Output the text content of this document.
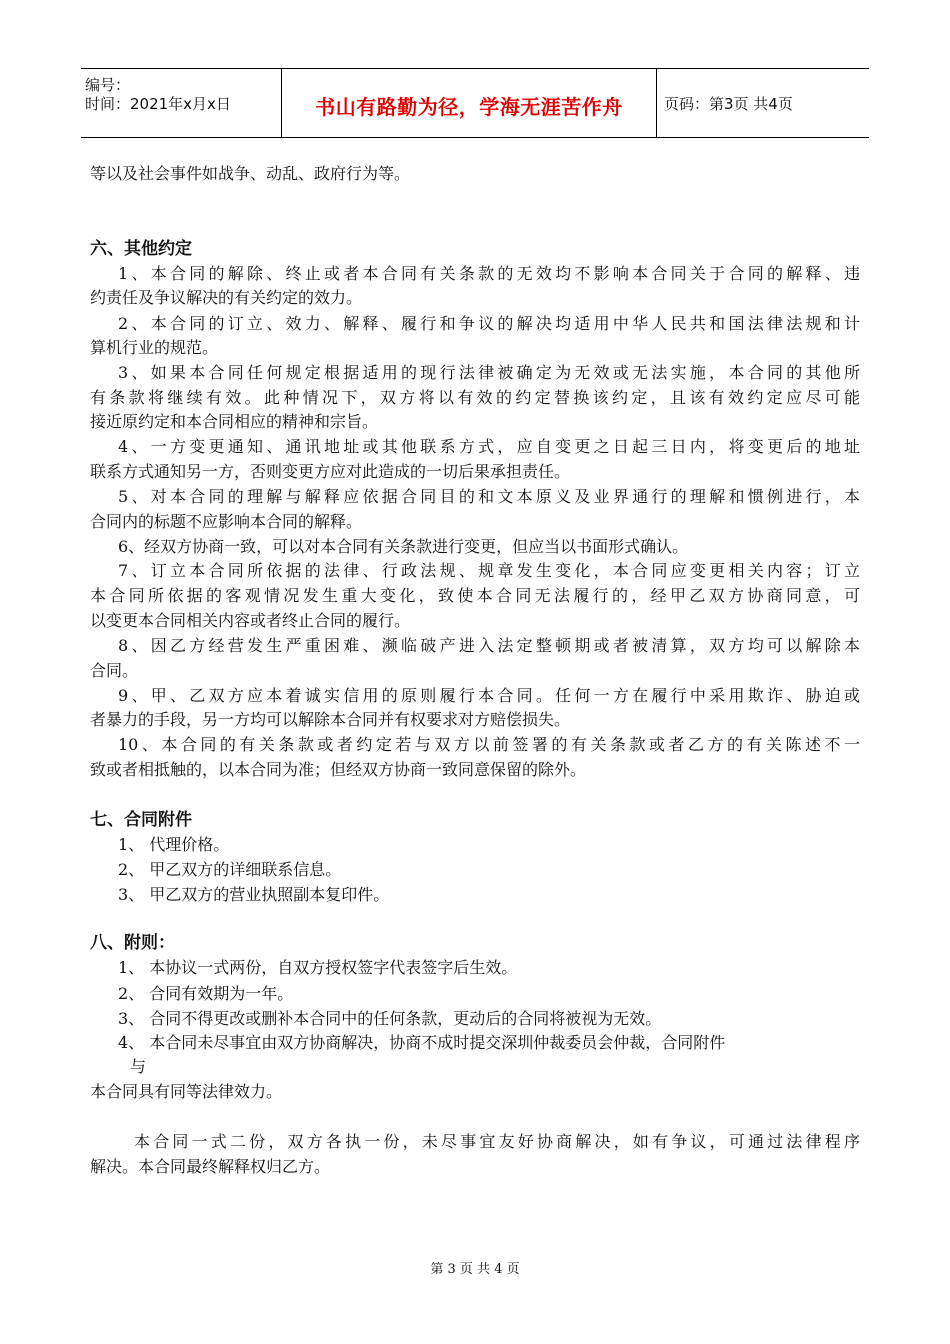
编号：
时间：2021年x月x日	书山有路勤为径，学海无涯苦作舟	页码：第3页 共4页
等以及社会事件如战争、动乱、政府行为等。
六、其他约定
1、本合同的解除、终止或者本合同有关条款的无效均不影响本合同关于合同的解释、违
约责任及争议解决的有关约定的效力。
2、本合同的订立、效力、解释、履行和争议的解决均适用中华人民共和国法律法规和计
算机行业的规范。
3、如果本合同任何规定根据适用的现行法律被确定为无效或无法实施，本合同的其他所
有条款将继续有效。此种情况下，双方将以有效的约定替换该约定，且该有效约定应尽可能
接近原约定和本合同相应的精神和宗旨。
4、一方变更通知、通讯地址或其他联系方式，应自变更之日起三日内，将变更后的地址
联系方式通知另一方，否则变更方应对此造成的一切后果承担责任。
5、对本合同的理解与解释应依据合同目的和文本原义及业界通行的理解和惯例进行，本
合同内的标题不应影响本合同的解释。
6、经双方协商一致，可以对本合同有关条款进行变更，但应当以书面形式确认。
7、订立本合同所依据的法律、行政法规、规章发生变化，本合同应变更相关内容；订立
本合同所依据的客观情况发生重大变化，致使本合同无法履行的，经甲乙双方协商同意，可
以变更本合同相关内容或者终止合同的履行。
8、因乙方经营发生严重困难、濒临破产进入法定整顿期或者被清算，双方均可以解除本
合同。
9、甲、乙双方应本着诚实信用的原则履行本合同。任何一方在履行中采用欺诈、胁迫或
者暴力的手段，另一方均可以解除本合同并有权要求对方赔偿损失。
10、本合同的有关条款或者约定若与双方以前签署的有关条款或者乙方的有关陈述不一
致或者相抵触的，以本合同为准；但经双方协商一致同意保留的除外。
七、合同附件
1、 代理价格。
2、 甲乙双方的详细联系信息。
3、 甲乙双方的营业执照副本复印件。
八、附则：
1、 本协议一式两份，自双方授权签字代表签字后生效。
2、 合同有效期为一年。
3、 合同不得更改或删补本合同中的任何条款，更动后的合同将被视为无效。
4、 本合同未尽事宜由双方协商解决，协商不成时提交深圳仲裁委员会仲裁，合同附件
与
本合同具有同等法律效力。
本合同一式二份，双方各执一份，未尽事宜友好协商解决，如有争议，可通过法律程序
解决。本合同最终解释权归乙方。
第 3 页 共 4 页
